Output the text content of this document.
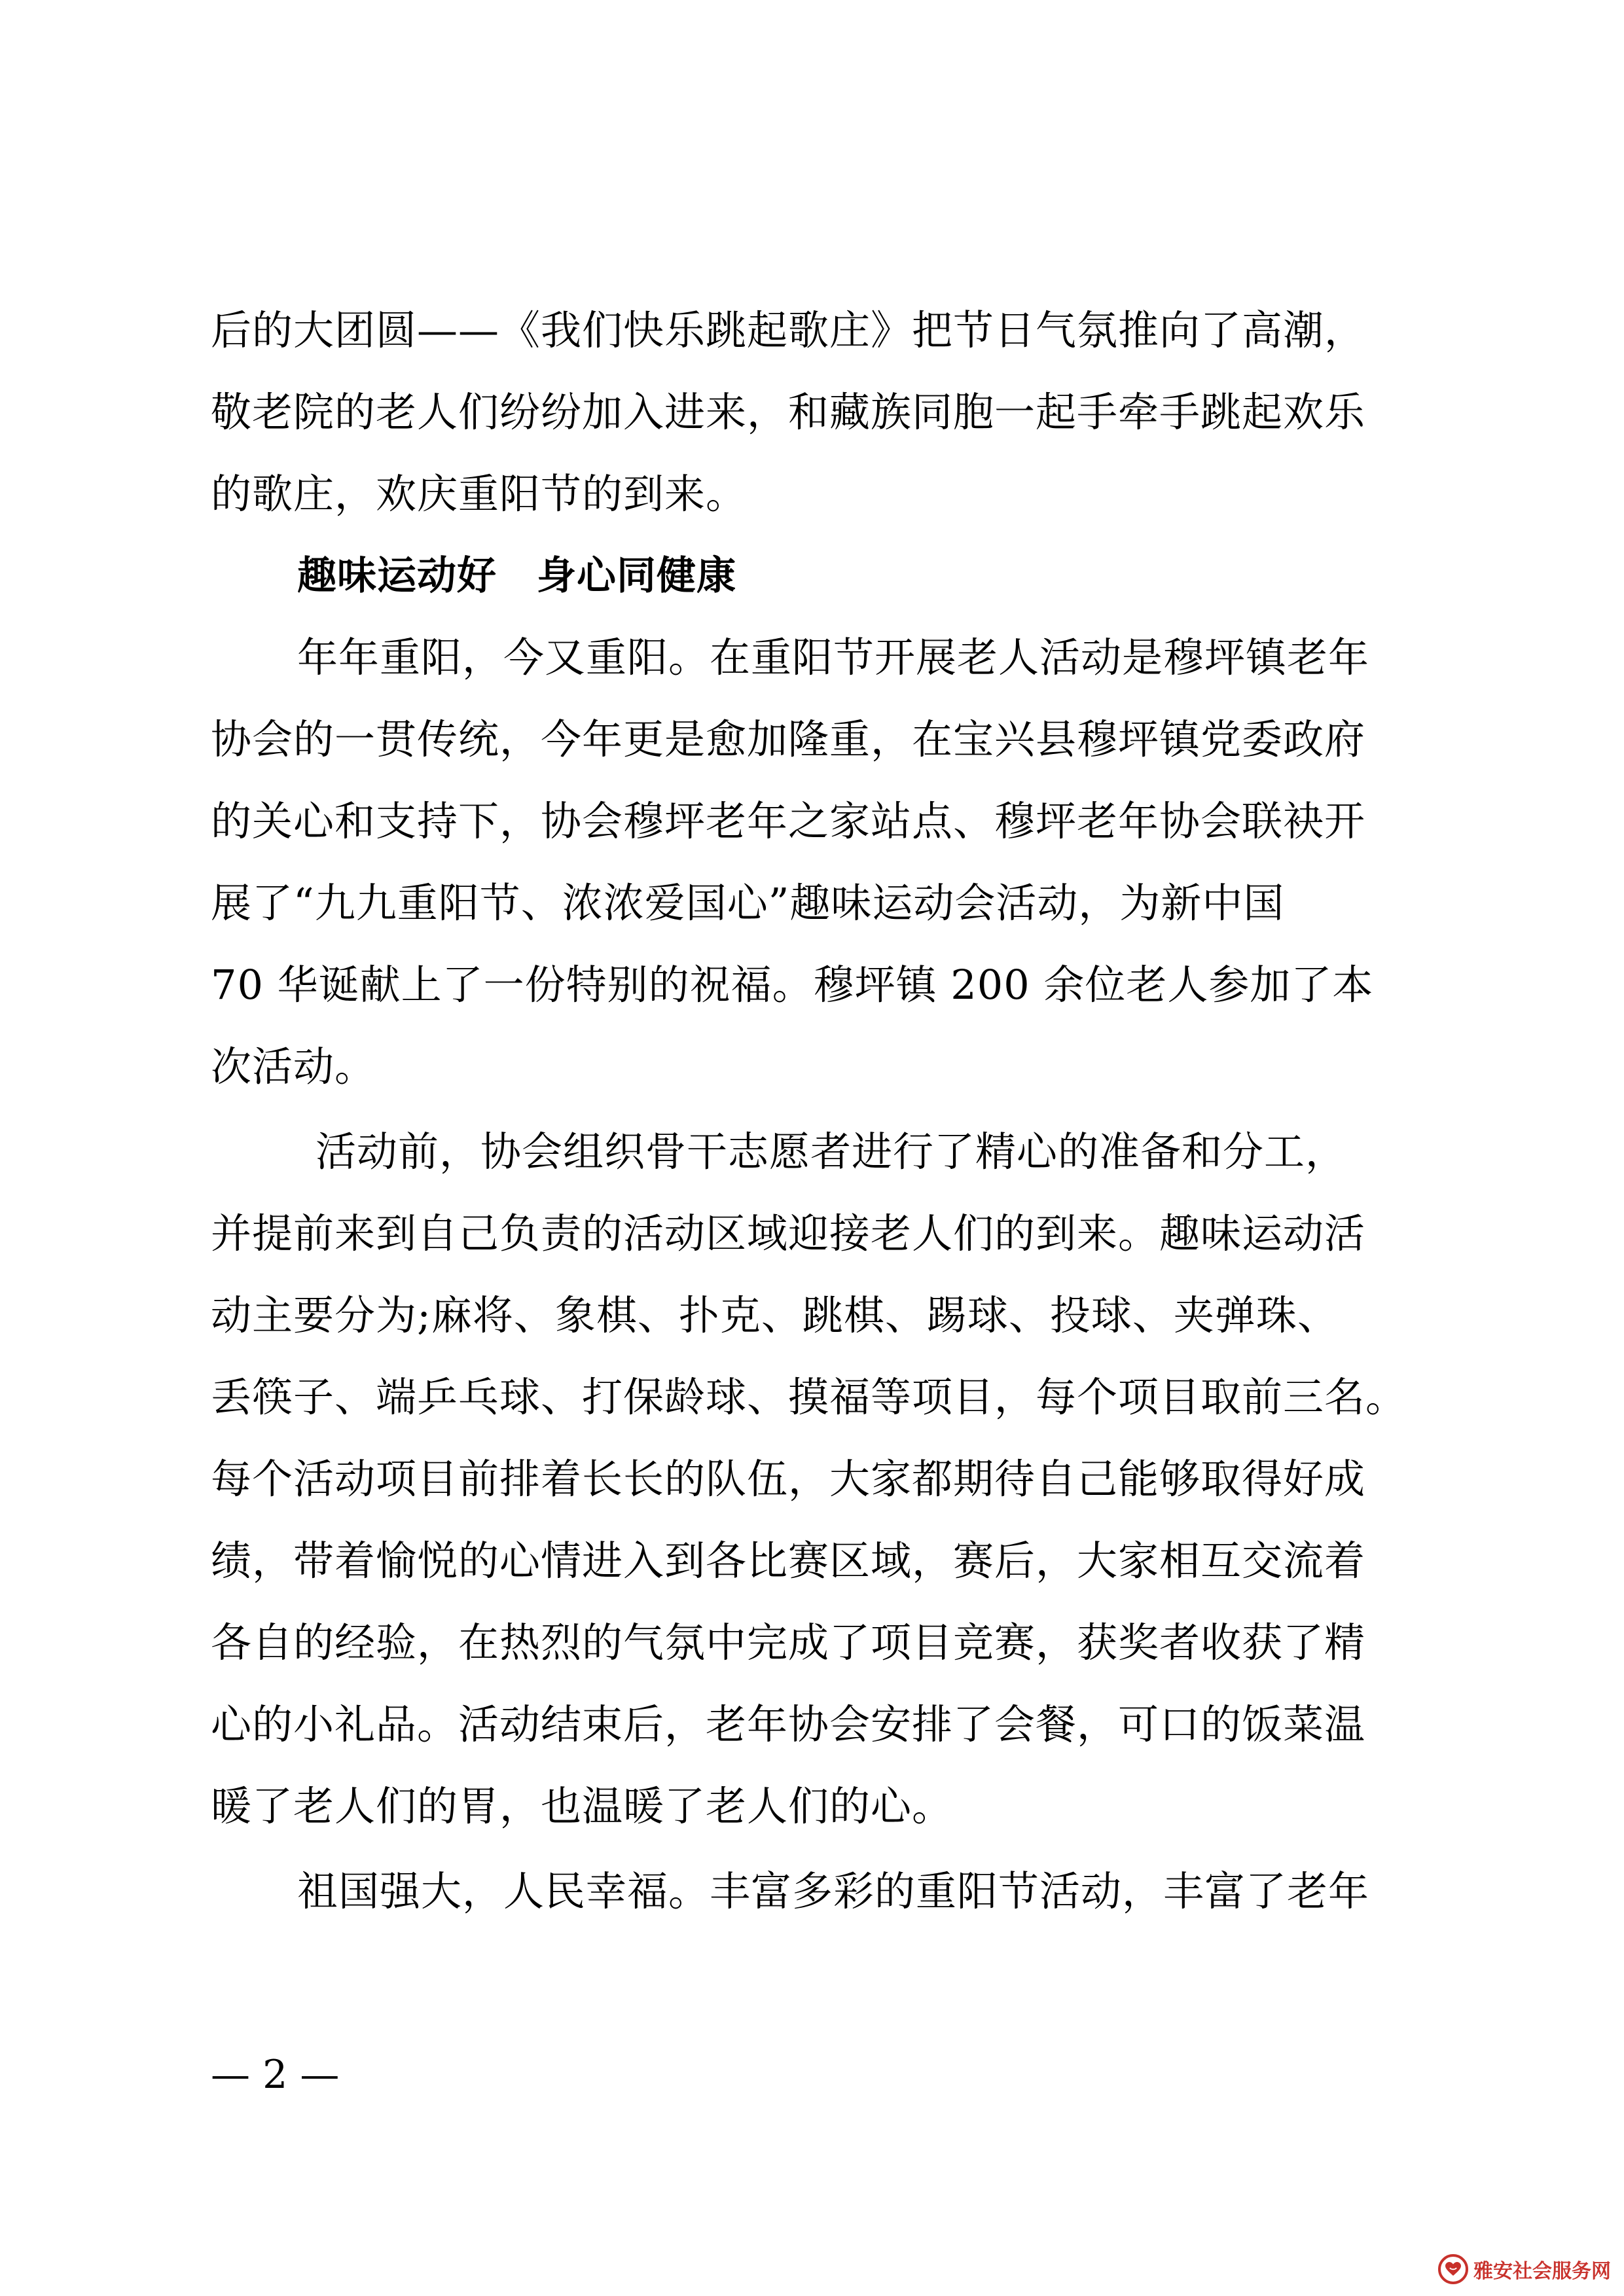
后的大团圆——《我们快乐跳起歌庄》把节日气氛推向了高潮，
敬老院的老人们纷纷加入进来，和藏族同胞一起手牵手跳起欢乐
的歌庄，欢庆重阳节的到来。
趣味运动好　身心同健康
年年重阳，今又重阳。在重阳节开展老人活动是穆坪镇老年
协会的一贯传统，今年更是愈加隆重，在宝兴县穆坪镇党委政府
的关心和支持下，协会穆坪老年之家站点、穆坪老年协会联袂开
展了“九九重阳节、浓浓爱国心”趣味运动会活动，为新中国
70 华诞献上了一份特别的祝福。穆坪镇 200 余位老人参加了本
次活动。
活动前，协会组织骨干志愿者进行了精心的准备和分工，
并提前来到自己负责的活动区域迎接老人们的到来。趣味运动活
动主要分为;麻将、象棋、扑克、跳棋、踢球、投球、夹弹珠、
丢筷子、端乒乓球、打保龄球、摸福等项目，每个项目取前三名。
每个活动项目前排着长长的队伍，大家都期待自己能够取得好成
绩，带着愉悦的心情进入到各比赛区域，赛后，大家相互交流着
各自的经验，在热烈的气氛中完成了项目竞赛，获奖者收获了精
心的小礼品。活动结束后，老年协会安排了会餐，可口的饭菜温
暖了老人们的胃，也温暖了老人们的心。
祖国强大，人民幸福。丰富多彩的重阳节活动，丰富了老年
— 2 —
雅安社会服务网
